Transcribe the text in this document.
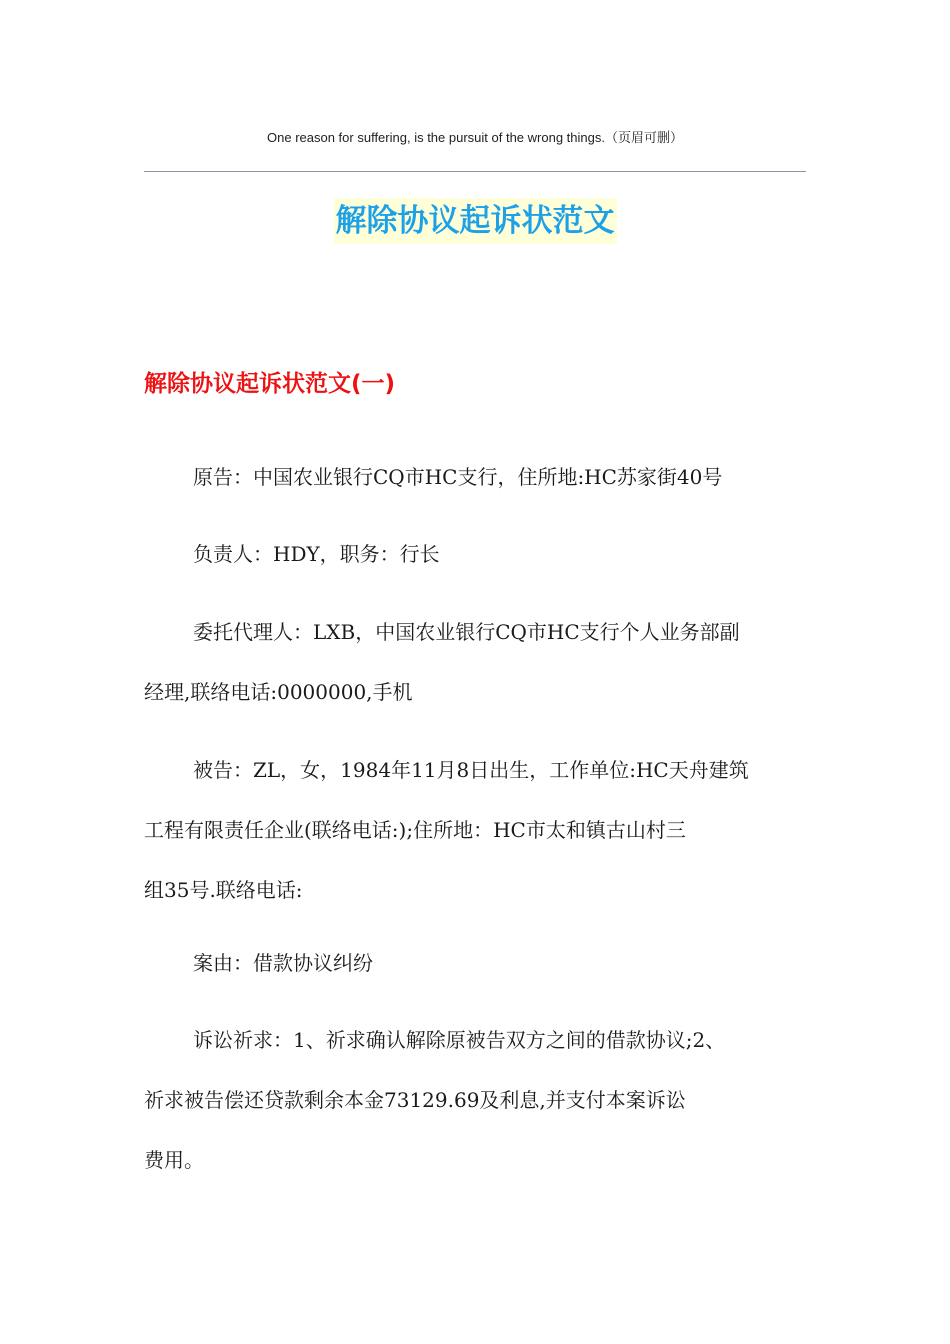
One reason for suffering, is the pursuit of the wrong things.（页眉可删）
解除协议起诉状范文
解除协议起诉状范文(一)
原告：中国农业银行CQ市HC支行，住所地:HC苏家街40号
负责人：HDY，职务：行长
委托代理人：LXB，中国农业银行CQ市HC支行个人业务部副
经理,联络电话:0000000,手机
被告：ZL，女，1984年11月8日出生，工作单位:HC天舟建筑
工程有限责任企业(联络电话:);住所地：HC市太和镇古山村三
组35号.联络电话:
案由：借款协议纠纷
诉讼祈求：1、祈求确认解除原被告双方之间的借款协议;2、
祈求被告偿还贷款剩余本金73129.69及利息,并支付本案诉讼
费用。
